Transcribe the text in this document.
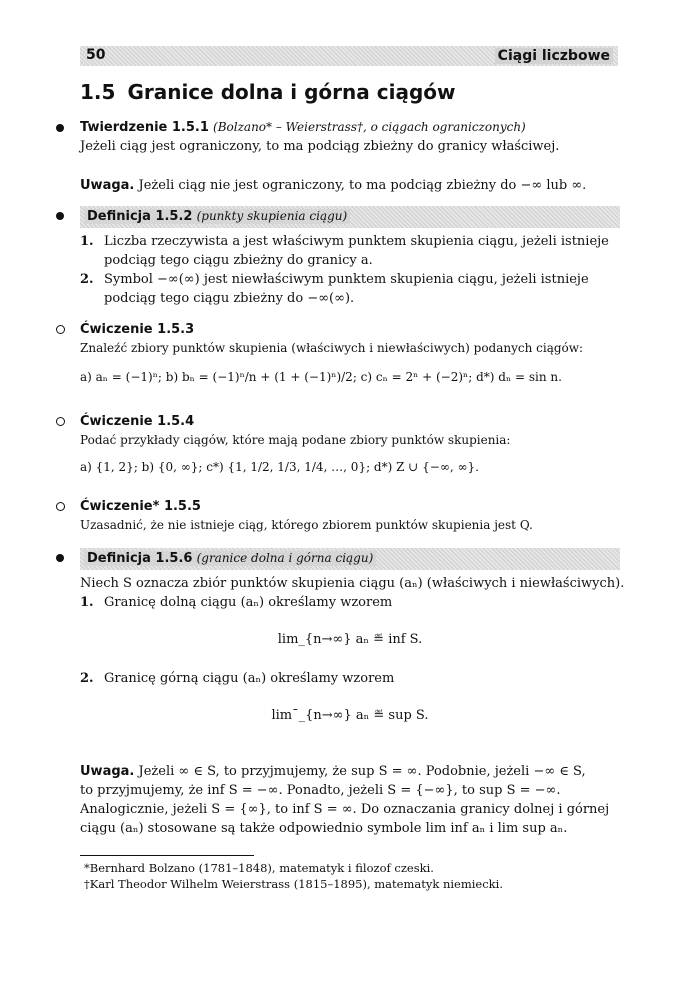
50	Ciągi liczbowe
1.5 Granice dolna i górna ciągów
Twierdzenie 1.5.1 (Bolzano* – Weierstrass†, o ciągach ograniczonych)
Jeżeli ciąg jest ograniczony, to ma podciąg zbieżny do granicy właściwej.
Uwaga. Jeżeli ciąg nie jest ograniczony, to ma podciąg zbieżny do −∞ lub ∞.
Definicja 1.5.2 (punkty skupienia ciągu)
1. Liczba rzeczywista a jest właściwym punktem skupienia ciągu, jeżeli istnieje
podciąg tego ciągu zbieżny do granicy a.
2. Symbol −∞(∞) jest niewłaściwym punktem skupienia ciągu, jeżeli istnieje
podciąg tego ciągu zbieżny do −∞(∞).
Ćwiczenie 1.5.3
Znaleźć zbiory punktów skupienia (właściwych i niewłaściwych) podanych ciągów:
a) aₙ = (−1)ⁿ; b) bₙ = (−1)ⁿ/n + (1 + (−1)ⁿ)/2; c) cₙ = 2ⁿ + (−2)ⁿ; d*) dₙ = sin n.
Ćwiczenie 1.5.4
Podać przykłady ciągów, które mają podane zbiory punktów skupienia:
a) {1, 2}; b) {0, ∞}; c*) {1, 1/2, 1/3, 1/4, …, 0}; d*) Z ∪ {−∞, ∞}.
Ćwiczenie* 1.5.5
Uzasadnić, że nie istnieje ciąg, którego zbiorem punktów skupienia jest Q.
Definicja 1.5.6 (granice dolna i górna ciągu)
Niech S oznacza zbiór punktów skupienia ciągu (aₙ) (właściwych i niewłaściwych).
1. Granicę dolną ciągu (aₙ) określamy wzorem
lim_{n→∞} aₙ ≝ inf S.
2. Granicę górną ciągu (aₙ) określamy wzorem
lim¯_{n→∞} aₙ ≝ sup S.
Uwaga. Jeżeli ∞ ∈ S, to przyjmujemy, że sup S = ∞. Podobnie, jeżeli −∞ ∈ S,
to przyjmujemy, że inf S = −∞. Ponadto, jeżeli S = {−∞}, to sup S = −∞.
Analogicznie, jeżeli S = {∞}, to inf S = ∞. Do oznaczania granicy dolnej i górnej
ciągu (aₙ) stosowane są także odpowiednio symbole lim inf aₙ i lim sup aₙ.
*Bernhard Bolzano (1781–1848), matematyk i filozof czeski.
†Karl Theodor Wilhelm Weierstrass (1815–1895), matematyk niemiecki.
